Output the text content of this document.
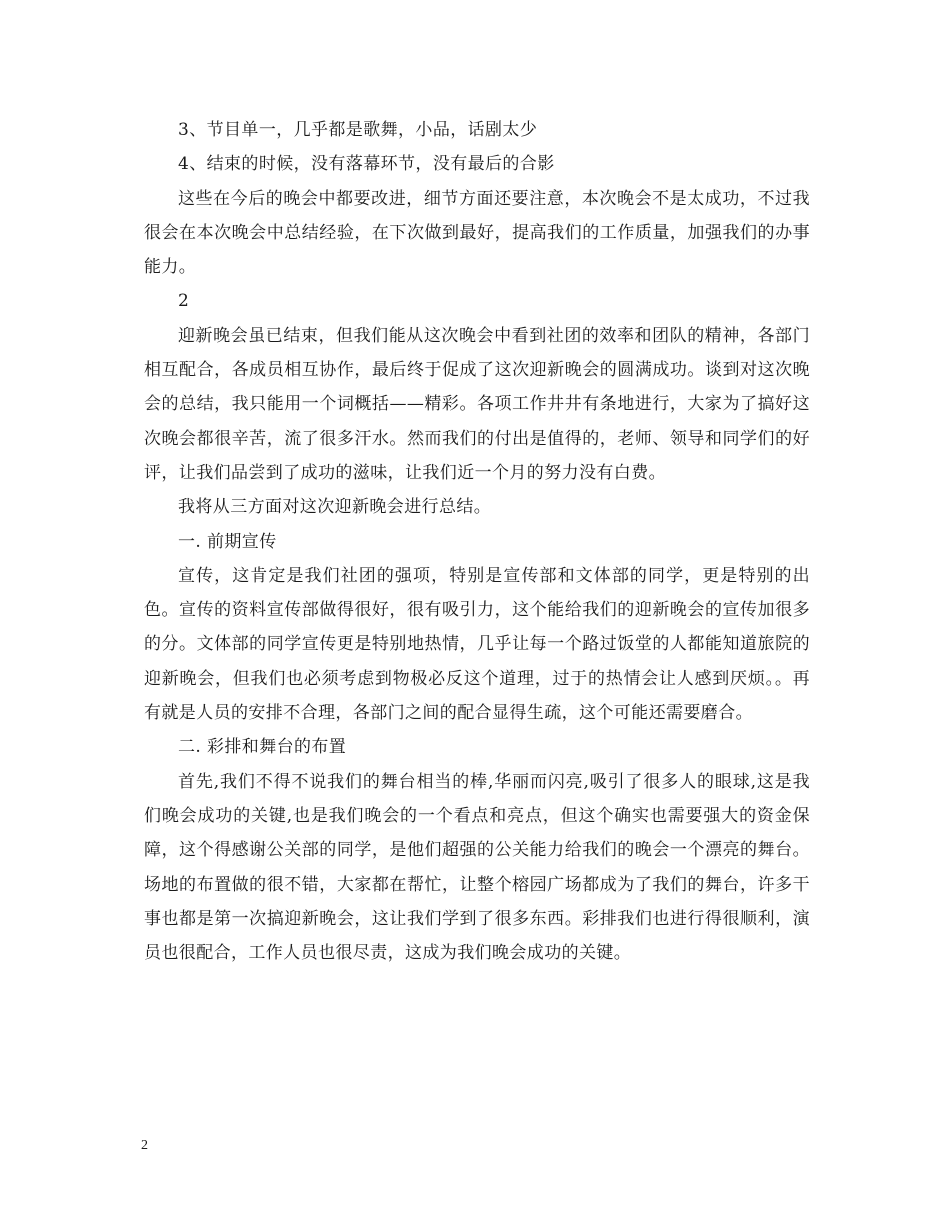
3、节目单一，几乎都是歌舞，小品，话剧太少

4、结束的时候，没有落幕环节，没有最后的合影

这些在今后的晚会中都要改进，细节方面还要注意，本次晚会不是太成功，不过我很会在本次晚会中总结经验，在下次做到最好，提高我们的工作质量，加强我们的办事能力。

2

迎新晚会虽已结束，但我们能从这次晚会中看到社团的效率和团队的精神，各部门相互配合，各成员相互协作，最后终于促成了这次迎新晚会的圆满成功。谈到对这次晚会的总结，我只能用一个词概括——精彩。各项工作井井有条地进行，大家为了搞好这次晚会都很辛苦，流了很多汗水。然而我们的付出是值得的，老师、领导和同学们的好评，让我们品尝到了成功的滋味，让我们近一个月的努力没有白费。

我将从三方面对这次迎新晚会进行总结。

一. 前期宣传

宣传，这肯定是我们社团的强项，特别是宣传部和文体部的同学，更是特别的出色。宣传的资料宣传部做得很好，很有吸引力，这个能给我们的迎新晚会的宣传加很多的分。文体部的同学宣传更是特别地热情，几乎让每一个路过饭堂的人都能知道旅院的迎新晚会，但我们也必须考虑到物极必反这个道理，过于的热情会让人感到厌烦。。再有就是人员的安排不合理，各部门之间的配合显得生疏，这个可能还需要磨合。

二. 彩排和舞台的布置

首先,我们不得不说我们的舞台相当的棒,华丽而闪亮,吸引了很多人的眼球,这是我们晚会成功的关键,也是我们晚会的一个看点和亮点，但这个确实也需要强大的资金保障，这个得感谢公关部的同学，是他们超强的公关能力给我们的晚会一个漂亮的舞台。场地的布置做的很不错，大家都在帮忙，让整个榕园广场都成为了我们的舞台，许多干事也都是第一次搞迎新晚会，这让我们学到了很多东西。彩排我们也进行得很顺利，演员也很配合，工作人员也很尽责，这成为我们晚会成功的关键。

2
